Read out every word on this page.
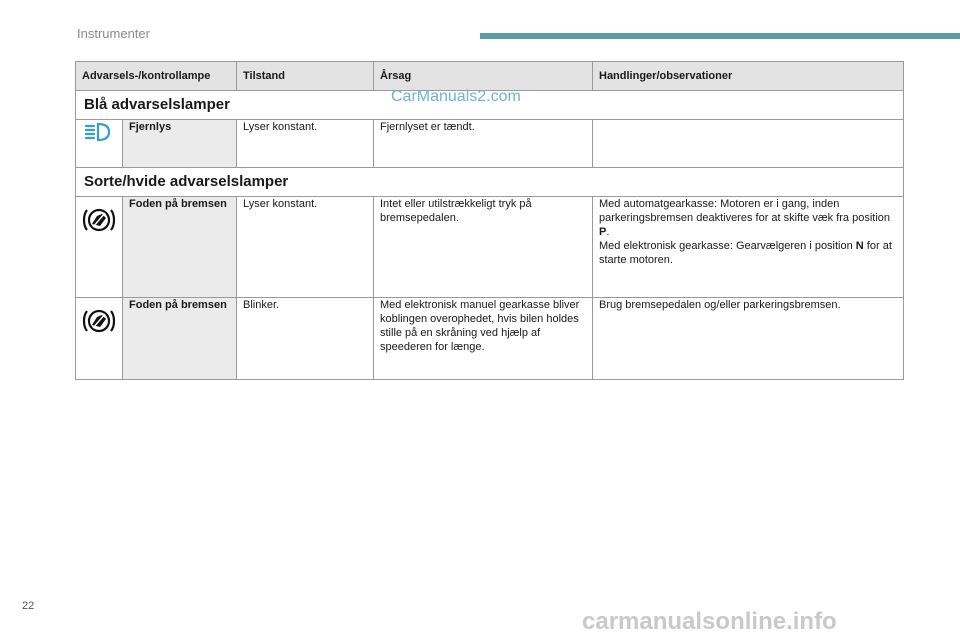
Instrumenter
Advarsels-/kontrollampe		Tilstand	Årsag	Handlinger/observationer
Blå advarselslamper				
	Fjernlys	Lyser konstant.	Fjernlyset er tændt.	
Sorte/hvide advarselslamper				
	Foden på bremsen	Lyser konstant.	Intet eller utilstrækkeligt tryk på bremsepedalen.	Med automatgearkasse: Motoren er i gang, inden parkeringsbremsen deaktiveres for at skifte væk fra position P.
Med elektronisk gearkasse: Gearvælgeren i position N for at starte motoren.
	Foden på bremsen	Blinker.	Med elektronisk manuel gearkasse bliver koblingen overophedet, hvis bilen holdes stille på en skråning ved hjælp af speederen for længe.	Brug bremsepedalen og/eller parkeringsbremsen.
CarManuals2.com
22
carmanualsonline.info
